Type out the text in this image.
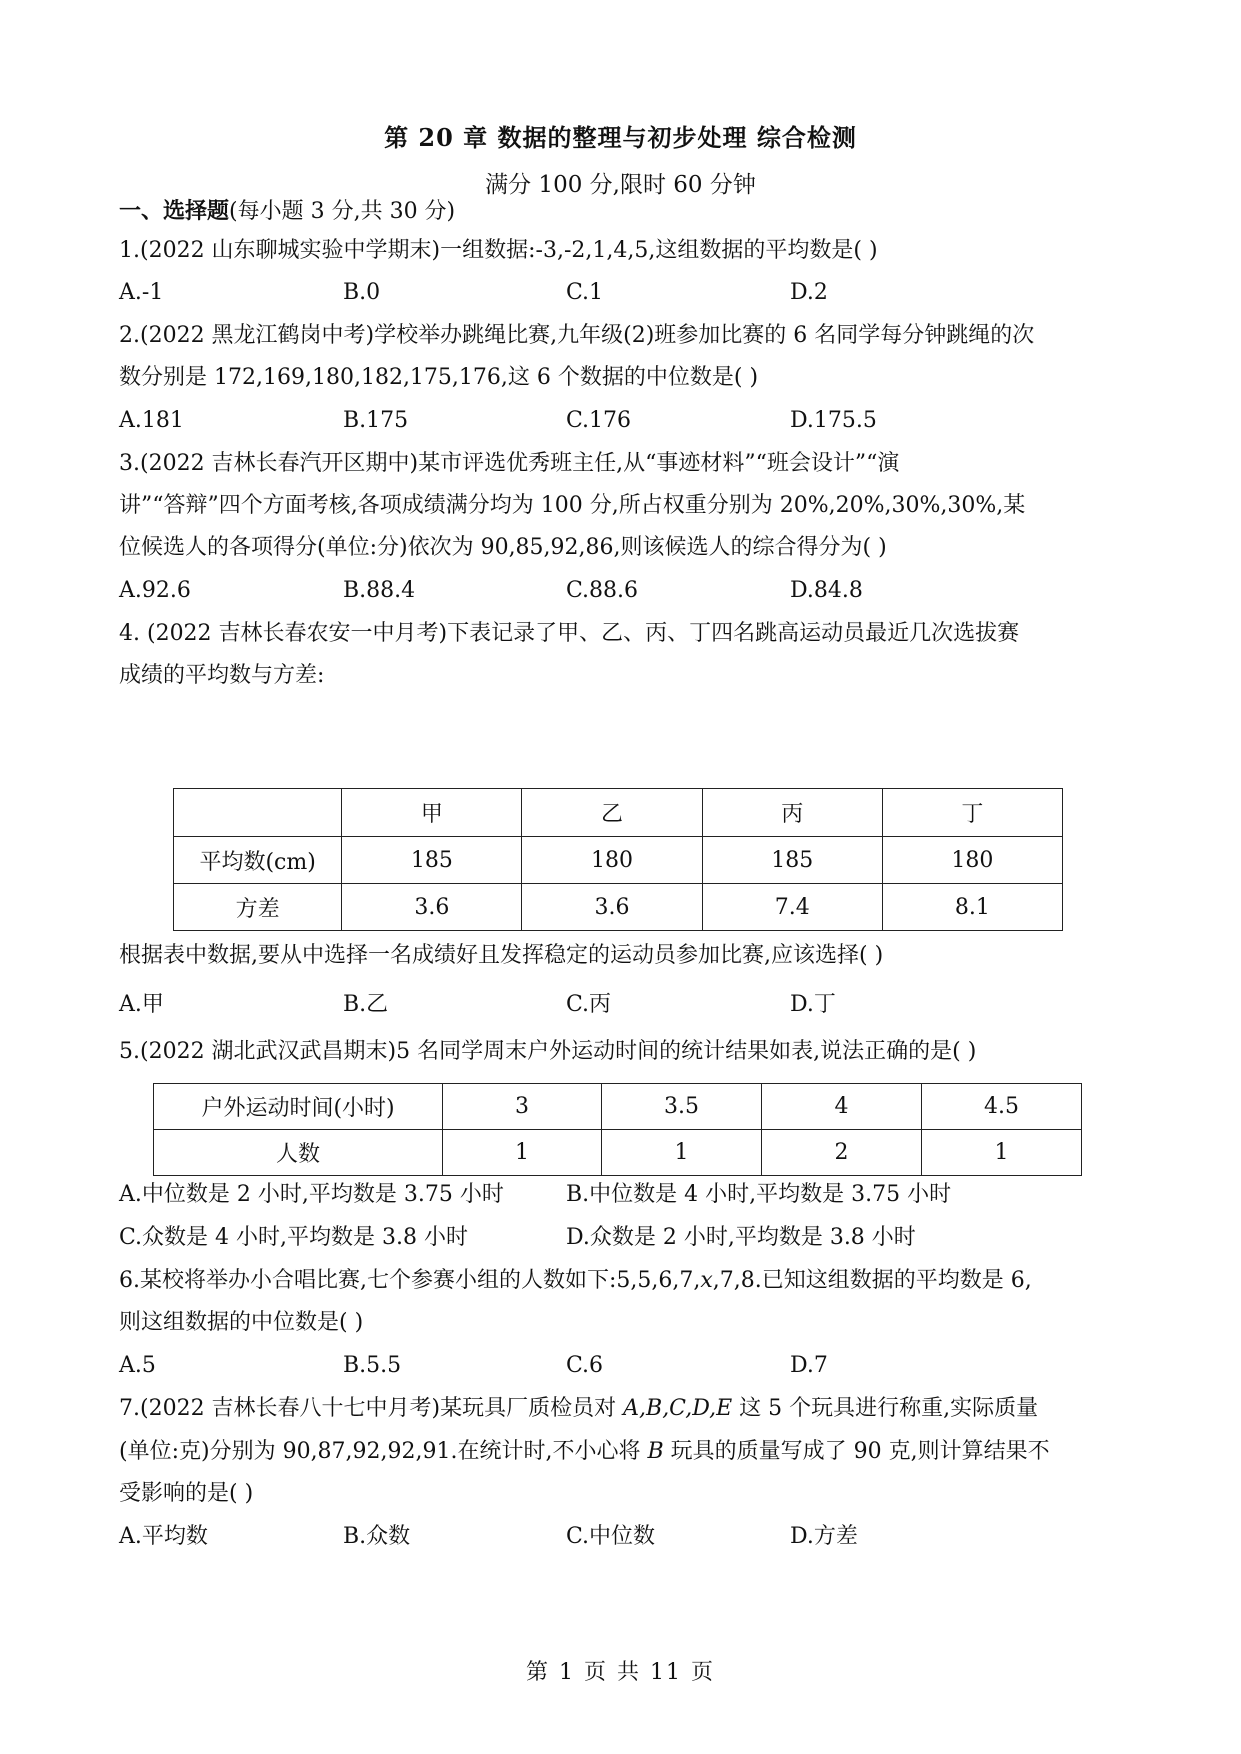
第 20 章 数据的整理与初步处理 综合检测
满分 100 分,限时 60 分钟
一、选择题(每小题 3 分,共 30 分)
1.(2022 山东聊城实验中学期末)一组数据:-3,-2,1,4,5,这组数据的平均数是( )
A.-1	B.0	C.1	D.2
2.(2022 黑龙江鹤岗中考)学校举办跳绳比赛,九年级(2)班参加比赛的 6 名同学每分钟跳绳的次
数分别是 172,169,180,182,175,176,这 6 个数据的中位数是( )
A.181	B.175	C.176	D.175.5
3.(2022 吉林长春汽开区期中)某市评选优秀班主任,从“事迹材料”“班会设计”“演
讲”“答辩”四个方面考核,各项成绩满分均为 100 分,所占权重分别为 20%,20%,30%,30%,某
位候选人的各项得分(单位:分)依次为 90,85,92,86,则该候选人的综合得分为( )
A.92.6	B.88.4	C.88.6	D.84.8
4. (2022 吉林长春农安一中月考)下表记录了甲、乙、丙、丁四名跳高运动员最近几次选拔赛
成绩的平均数与方差:
	甲	乙	丙	丁
平均数(cm)	185	180	185	180
方差	3.6	3.6	7.4	8.1
根据表中数据,要从中选择一名成绩好且发挥稳定的运动员参加比赛,应该选择( )
A.甲	B.乙	C.丙	D.丁
5.(2022 湖北武汉武昌期末)5 名同学周末户外运动时间的统计结果如表,说法正确的是( )
户外运动时间(小时)	3	3.5	4	4.5
人数	1	1	2	1
A.中位数是 2 小时,平均数是 3.75 小时	B.中位数是 4 小时,平均数是 3.75 小时
C.众数是 4 小时,平均数是 3.8 小时	D.众数是 2 小时,平均数是 3.8 小时
6.某校将举办小合唱比赛,七个参赛小组的人数如下:5,5,6,7,x,7,8.已知这组数据的平均数是 6,
则这组数据的中位数是( )
A.5	B.5.5	C.6	D.7
7.(2022 吉林长春八十七中月考)某玩具厂质检员对 A,B,C,D,E 这 5 个玩具进行称重,实际质量
(单位:克)分别为 90,87,92,92,91.在统计时,不小心将 B 玩具的质量写成了 90 克,则计算结果不
受影响的是( )
A.平均数	B.众数	C.中位数	D.方差
第 1 页 共 11 页
